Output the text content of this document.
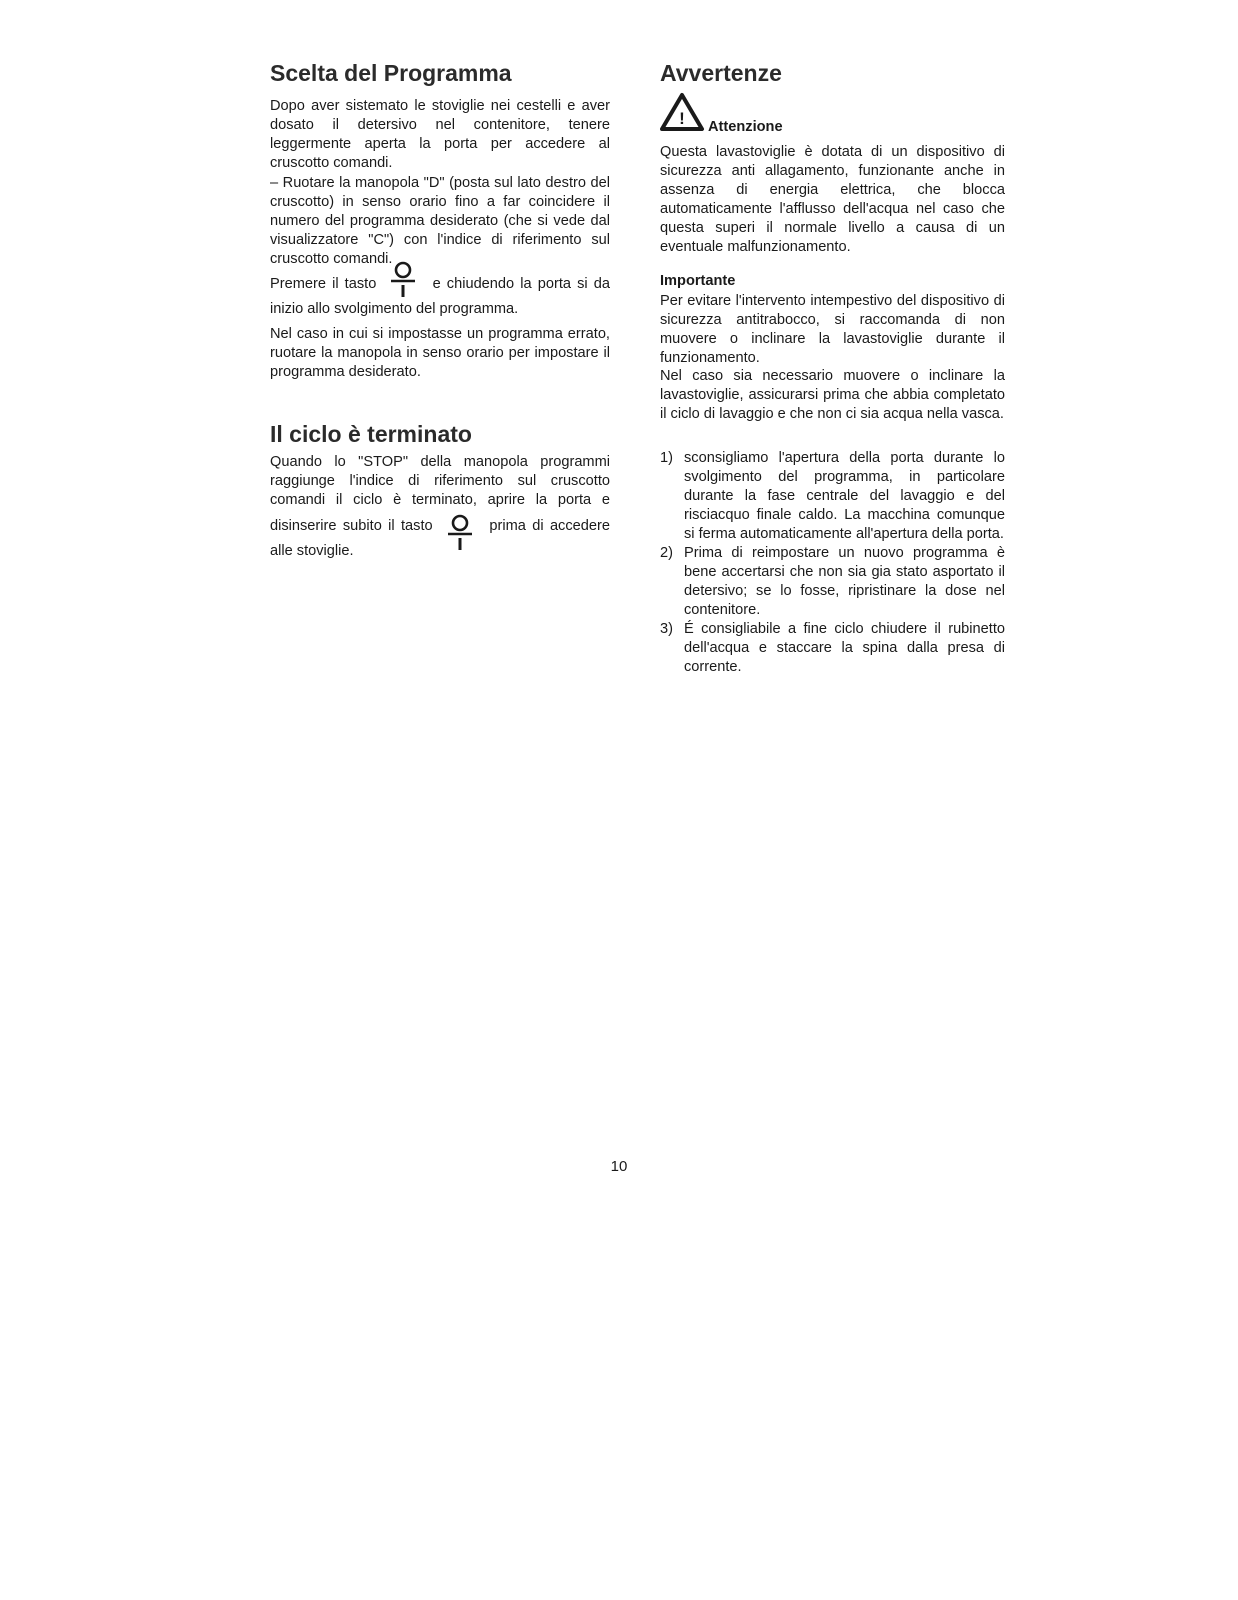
Scelta del Programma

Dopo aver sistemato le stoviglie nei cestelli e aver dosato il detersivo nel contenitore, tenere leggermente aperta la porta per accedere al cruscotto comandi.

– Ruotare la manopola "D" (posta sul lato destro del cruscotto) in senso orario fino a far coincidere il numero del programma desiderato (che si vede dal visualizzatore "C") con l'indice di riferimento sul cruscotto comandi.

Premere il tasto	e chiudendo la porta si da inizio allo svolgimento del programma.

Nel caso in cui si impostasse un programma errato, ruotare la manopola in senso orario per impostare il programma desiderato.

Il ciclo è terminato

Quando lo "STOP" della manopola programmi raggiunge l'indice di riferimento sul cruscotto comandi il ciclo è terminato, aprire la porta e disinserire subito il tasto	prima di accedere alle stoviglie.

Avvertenze
! Attenzione

Questa lavastoviglie è dotata di un dispositivo di sicurezza anti allagamento, funzionante anche in assenza di energia elettrica, che blocca automaticamente l'afflusso dell'acqua nel caso che questa superi il normale livello a causa di un eventuale malfunzionamento.

Importante

Per evitare l'intervento intempestivo del dispositivo di sicurezza antitrabocco, si raccomanda di non muovere o inclinare la lavastoviglie durante il funzionamento.

Nel caso sia necessario muovere o inclinare la lavastoviglie, assicurarsi prima che abbia completato il ciclo di lavaggio e che non ci sia acqua nella vasca.

1) sconsigliamo l'apertura della porta durante lo svolgimento del programma, in particolare durante la fase centrale del lavaggio e del risciacquo finale caldo. La macchina comunque si ferma automaticamente all'apertura della porta.
2) Prima di reimpostare un nuovo programma è bene accertarsi che non sia gia stato asportato il detersivo; se lo fosse, ripristinare la dose nel contenitore.
3) É consigliabile a fine ciclo chiudere il rubinetto dell'acqua e staccare la spina dalla presa di corrente.
10
